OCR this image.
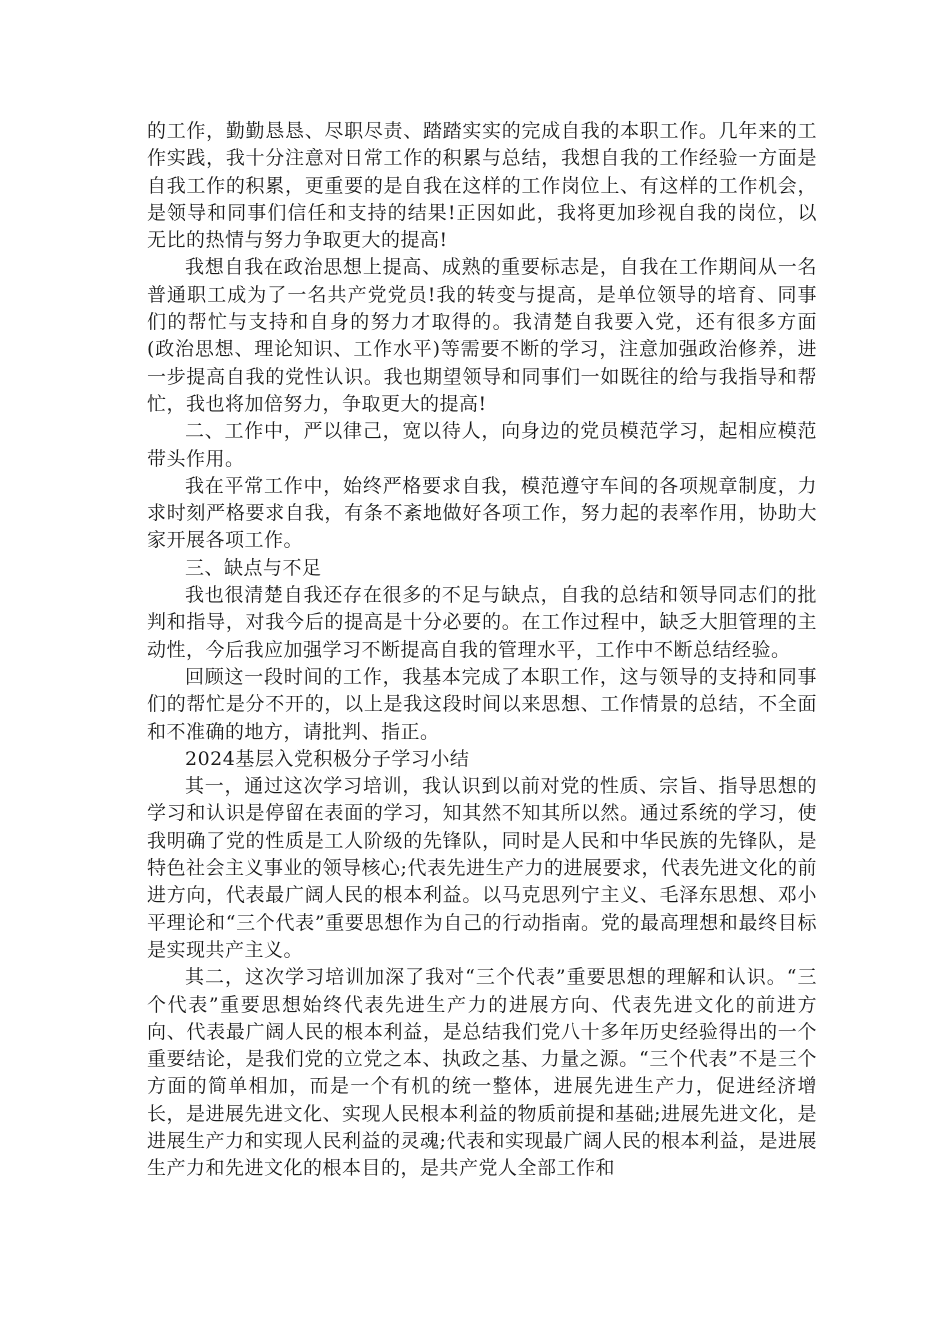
的工作，勤勤恳恳、尽职尽责、踏踏实实的完成自我的本职工作。几年来的工作实践，我十分注意对日常工作的积累与总结，我想自我的工作经验一方面是自我工作的积累，更重要的是自我在这样的工作岗位上、有这样的工作机会，是领导和同事们信任和支持的结果!正因如此，我将更加珍视自我的岗位，以无比的热情与努力争取更大的提高!

我想自我在政治思想上提高、成熟的重要标志是，自我在工作期间从一名普通职工成为了一名共产党党员!我的转变与提高，是单位领导的培育、同事们的帮忙与支持和自身的努力才取得的。我清楚自我要入党，还有很多方面(政治思想、理论知识、工作水平)等需要不断的学习，注意加强政治修养，进一步提高自我的党性认识。我也期望领导和同事们一如既往的给与我指导和帮忙，我也将加倍努力，争取更大的提高!

二、工作中，严以律己，宽以待人，向身边的党员模范学习，起相应模范带头作用。

我在平常工作中，始终严格要求自我，模范遵守车间的各项规章制度，力求时刻严格要求自我，有条不紊地做好各项工作，努力起的表率作用，协助大家开展各项工作。

三、缺点与不足

我也很清楚自我还存在很多的不足与缺点，自我的总结和领导同志们的批判和指导，对我今后的提高是十分必要的。在工作过程中，缺乏大胆管理的主动性，今后我应加强学习不断提高自我的管理水平，工作中不断总结经验。

回顾这一段时间的工作，我基本完成了本职工作，这与领导的支持和同事们的帮忙是分不开的，以上是我这段时间以来思想、工作情景的总结，不全面和不准确的地方，请批判、指正。

2024基层入党积极分子学习小结

其一，通过这次学习培训，我认识到以前对党的性质、宗旨、指导思想的学习和认识是停留在表面的学习，知其然不知其所以然。通过系统的学习，使我明确了党的性质是工人阶级的先锋队，同时是人民和中华民族的先锋队，是特色社会主义事业的领导核心;代表先进生产力的进展要求，代表先进文化的前进方向，代表最广阔人民的根本利益。以马克思列宁主义、毛泽东思想、邓小平理论和“三个代表”重要思想作为自己的行动指南。党的最高理想和最终目标是实现共产主义。

其二，这次学习培训加深了我对“三个代表”重要思想的理解和认识。“三个代表”重要思想始终代表先进生产力的进展方向、代表先进文化的前进方向、代表最广阔人民的根本利益，是总结我们党八十多年历史经验得出的一个重要结论，是我们党的立党之本、执政之基、力量之源。“三个代表”不是三个方面的简单相加，而是一个有机的统一整体，进展先进生产力，促进经济增长，是进展先进文化、实现人民根本利益的物质前提和基础;进展先进文化，是进展生产力和实现人民利益的灵魂;代表和实现最广阔人民的根本利益，是进展生产力和先进文化的根本目的，是共产党人全部工作和
